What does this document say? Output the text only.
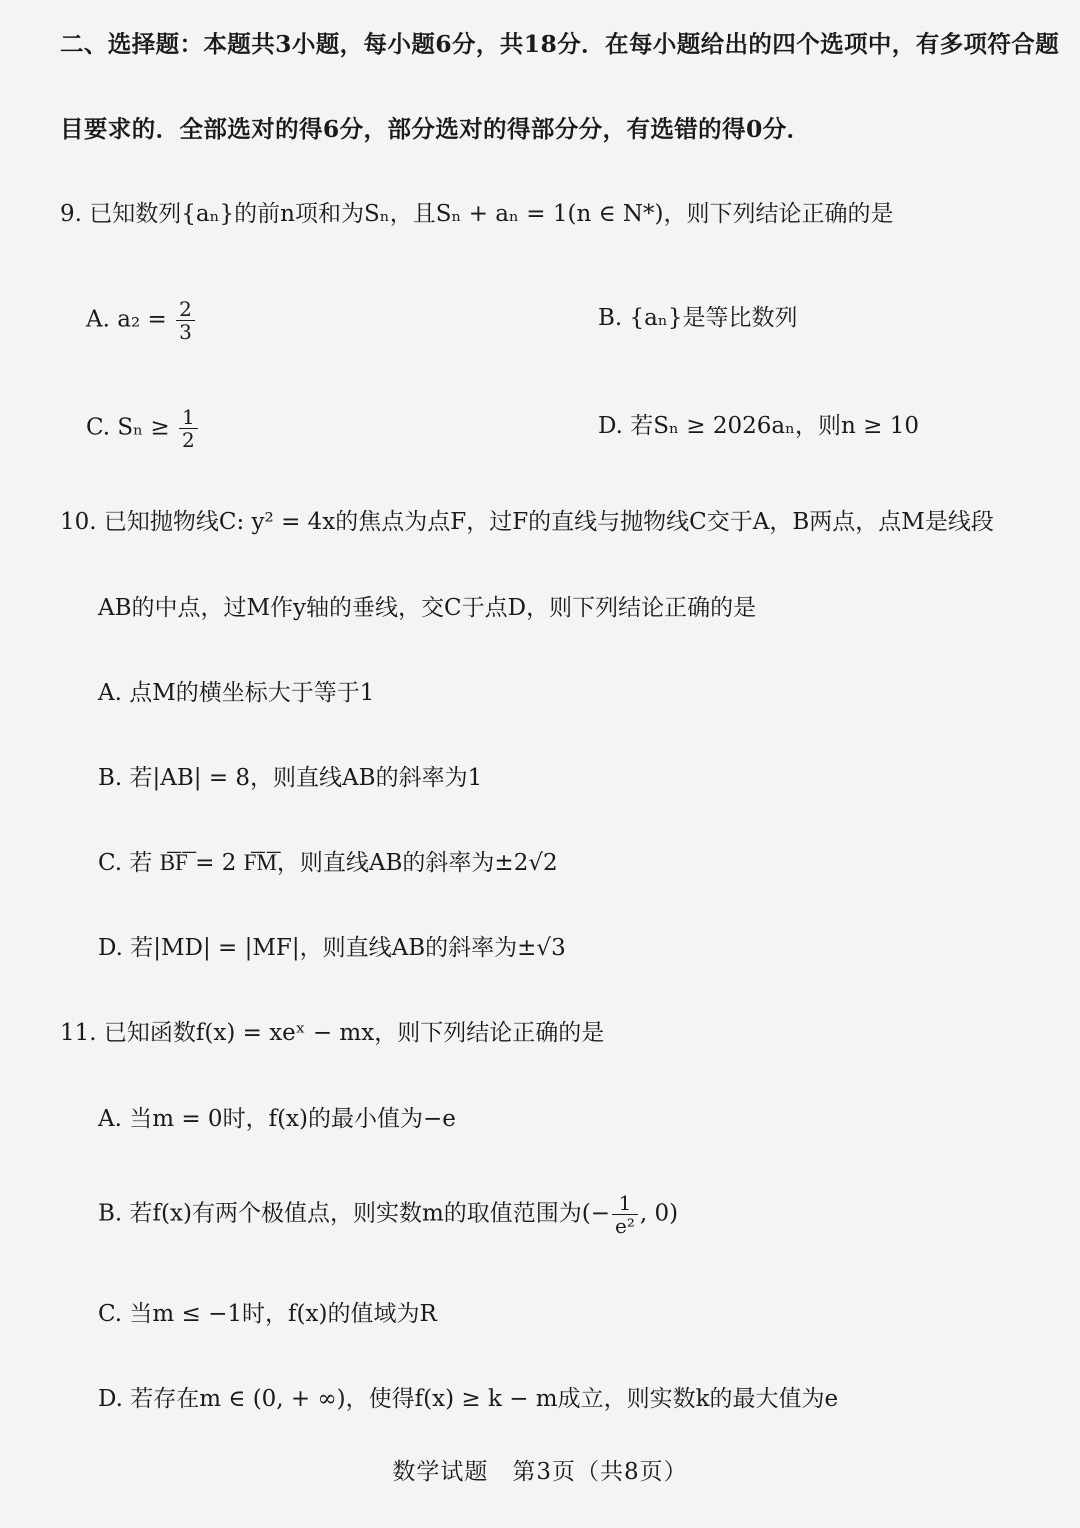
二、选择题：本题共3小题，每小题6分，共18分．在每小题给出的四个选项中，有多项符合题
目要求的．全部选对的得6分，部分选对的得部分分，有选错的得0分．
9. 已知数列{aₙ}的前n项和为Sₙ，且Sₙ + aₙ = 1(n ∈ N*)，则下列结论正确的是
A. $a_2 = \frac{2}{3}$	B. {aₙ}是等比数列
C. $S_n \ge \frac{1}{2}$	D. 若Sₙ ≥ 2026aₙ，则n ≥ 10
10. 已知抛物线C: y² = 4x的焦点为点F，过F的直线与抛物线C交于A，B两点，点M是线段
AB的中点，过M作y轴的垂线，交C于点D，则下列结论正确的是
A. 点M的横坐标大于等于1
B. 若|AB| = 8，则直线AB的斜率为1
C. 若 B͞F͞ = 2 F͞M͞，则直线AB的斜率为±2√2
D. 若|MD| = |MF|，则直线AB的斜率为±√3
11. 已知函数f(x) = xeˣ − mx，则下列结论正确的是
A. 当m = 0时，f(x)的最小值为−e
B. 若f(x)有两个极值点，则实数m的取值范围为(− $\frac{1}{\text{e²}}$ , 0)
C. 当m ≤ −1时，f(x)的值域为R
D. 若存在m ∈ (0, + ∞)，使得f(x) ≥ k − m成立，则实数k的最大值为e
数学试题　第3页（共8页）
